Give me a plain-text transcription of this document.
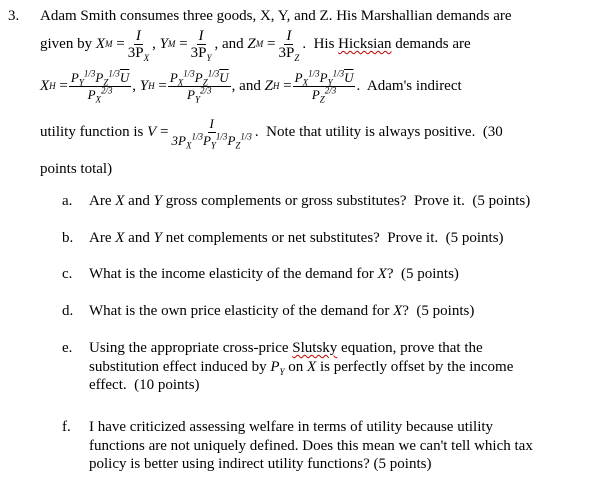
3. Adam Smith consumes three goods, X, Y, and Z. His Marshallian demands are
given by
X $M = \frac{I}{3P_X}$ , Y $M = \frac{I}{3P_Y}$ , and
Z $M = \frac{I}{3P_Z}$ .  His Hicksian demands are
X $H = \frac{P_Y^{1/3}P_Z^{1/3}\overline{U}}{P_X^{2/3}}$ , Y $H = \frac{P_X^{1/3}P_Z^{1/3}\overline{U}}{P_Y^{2/3}}$ , and
Z $H = \frac{P_X^{1/3}P_Y^{1/3}\overline{U}}{P_Z^{2/3}}$ .  Adam's indirect
utility function is
$V = \frac{I}{3P_X^{1/3}P_Y^{1/3}P_Z^{1/3}}$ .  Note that utility is always positive.  (30
points total)
a. Are X and Y gross complements or gross substitutes?  Prove it.  (5 points)
b. Are X and Y net complements or net substitutes?  Prove it.  (5 points)
c. What is the income elasticity of the demand for X?  (5 points)
d. What is the own price elasticity of the demand for X?  (5 points)
e. Using the appropriate cross-price Slutsky equation, prove that the
substitution effect induced by $P_Y$ on X is perfectly offset by the income
effect.  (10 points)
f. I have criticized assessing welfare in terms of utility because utility
functions are not uniquely defined. Does this mean we can't tell which tax
policy is better using indirect utility functions? (5 points)
